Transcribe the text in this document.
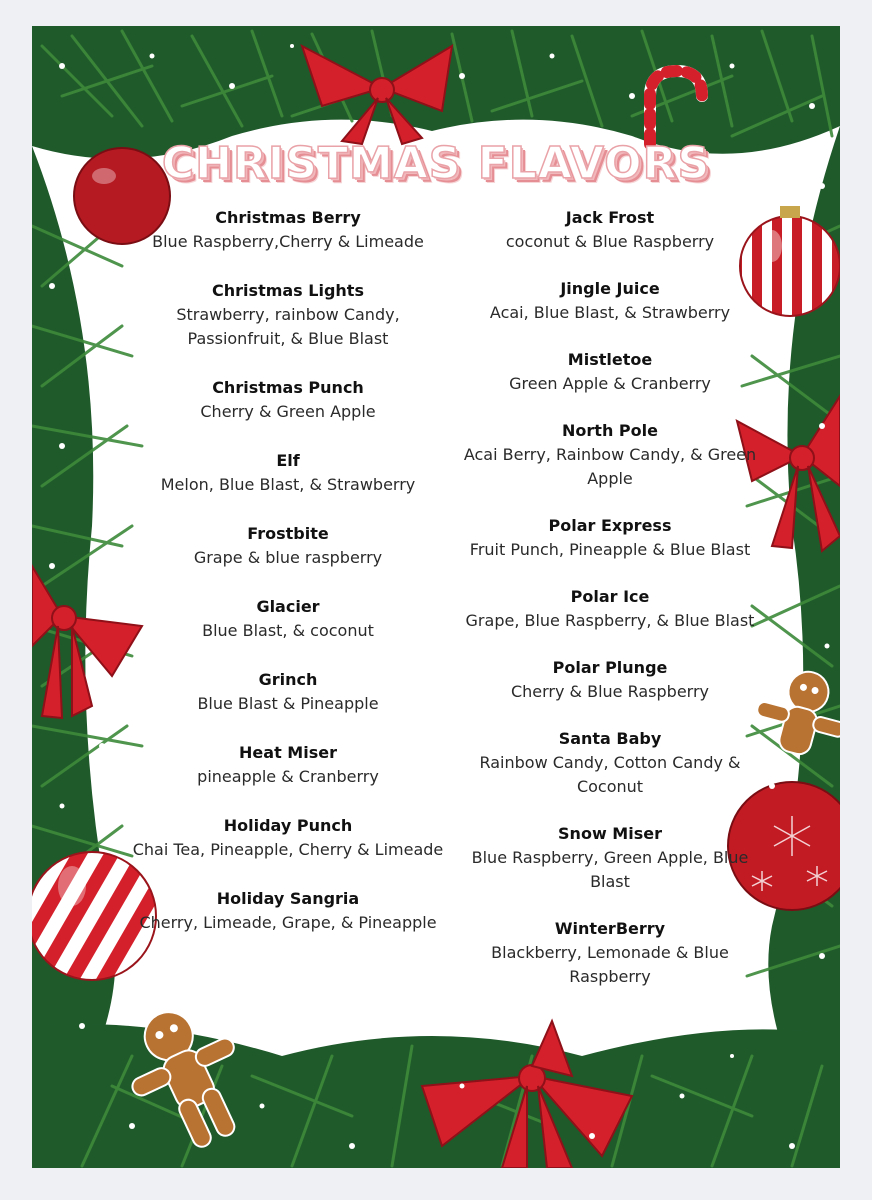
CHRISTMAS FLAVORS
Christmas Berry
Blue Raspberry,Cherry & Limeade
Christmas Lights
Strawberry, rainbow Candy, Passionfruit, & Blue Blast
Christmas Punch
Cherry & Green Apple
Elf
Melon, Blue Blast, & Strawberry
Frostbite
Grape & blue raspberry
Glacier
Blue Blast, & coconut
Grinch
Blue Blast & Pineapple
Heat Miser
pineapple & Cranberry
Holiday Punch
Chai Tea, Pineapple, Cherry & Limeade
Holiday Sangria
Cherry, Limeade, Grape, & Pineapple
Jack Frost
coconut & Blue Raspberry
Jingle Juice
Acai, Blue Blast, & Strawberry
Mistletoe
Green Apple & Cranberry
North Pole
Acai Berry, Rainbow Candy, & Green Apple
Polar Express
Fruit Punch, Pineapple & Blue Blast
Polar Ice
Grape, Blue Raspberry, & Blue Blast
Polar Plunge
Cherry & Blue Raspberry
Santa Baby
Rainbow Candy, Cotton Candy & Coconut
Snow Miser
Blue Raspberry, Green Apple, Blue Blast
WinterBerry
Blackberry, Lemonade & Blue Raspberry
